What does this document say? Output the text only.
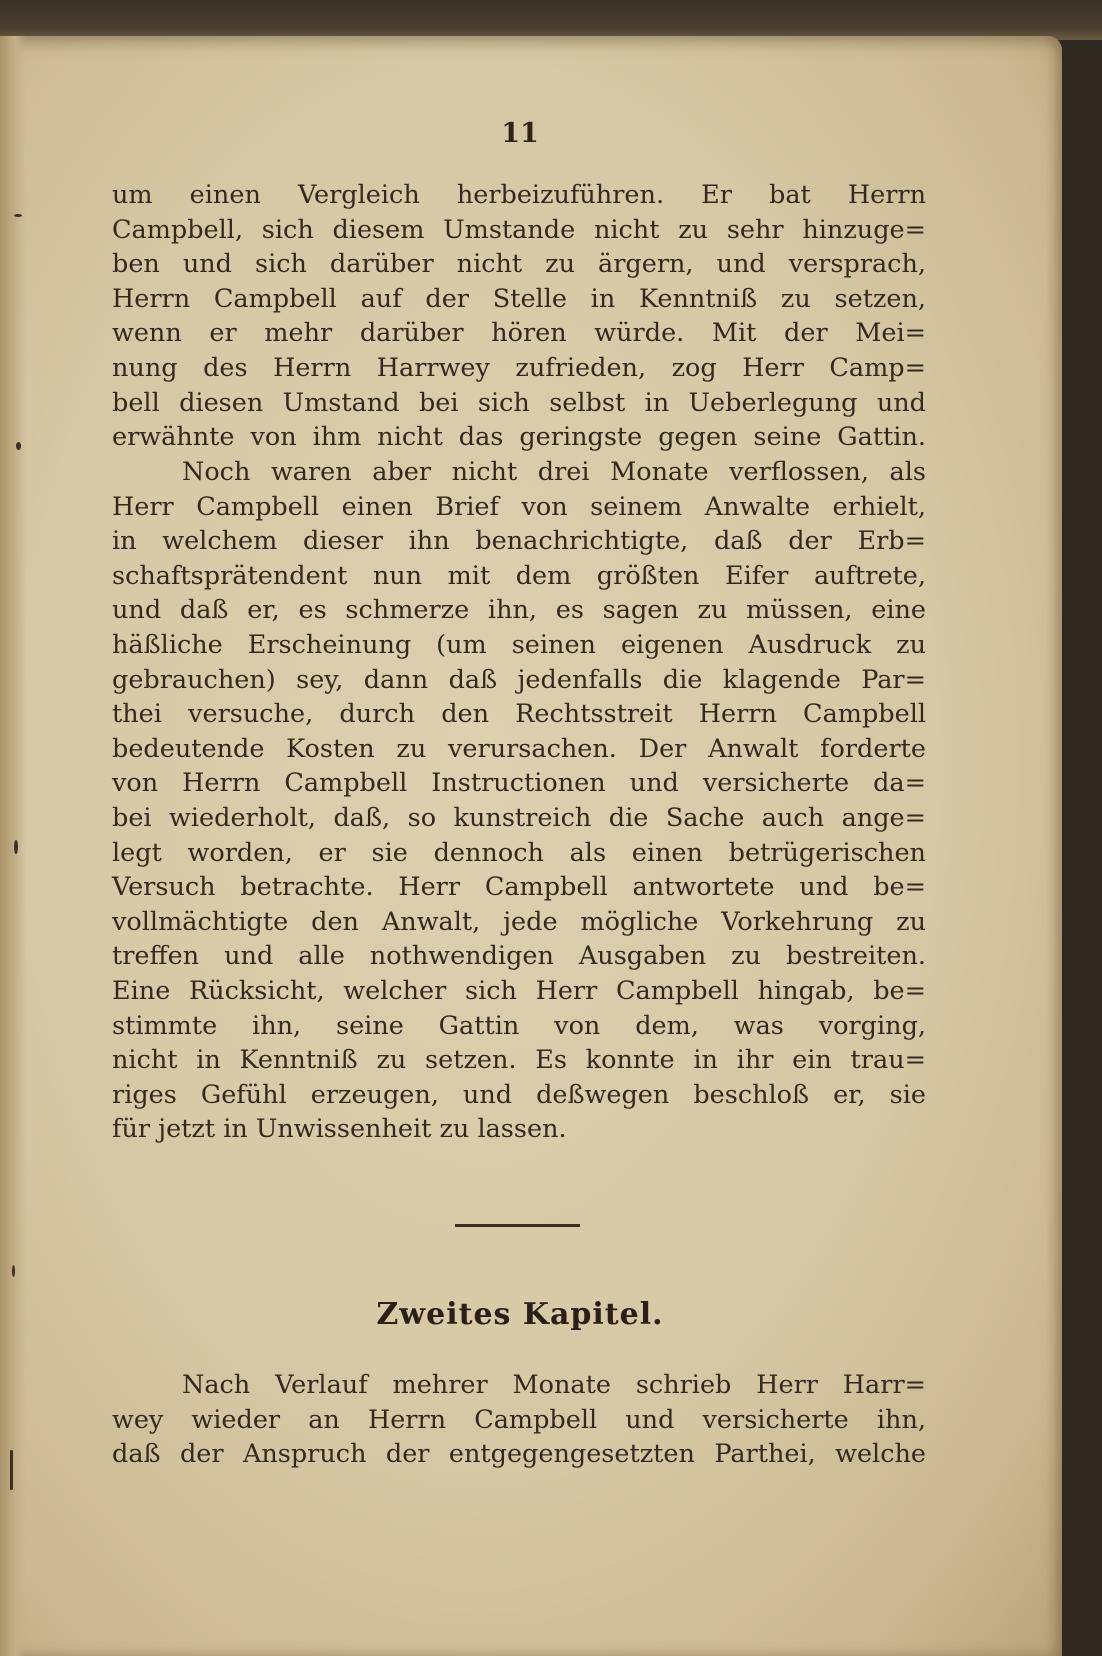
11
um einen Vergleich herbeizuführen. Er bat Herrn
Campbell, sich diesem Umstande nicht zu sehr hinzuge=
ben und sich darüber nicht zu ärgern, und versprach,
Herrn Campbell auf der Stelle in Kenntniß zu setzen,
wenn er mehr darüber hören würde. Mit der Mei=
nung des Herrn Harrwey zufrieden, zog Herr Camp=
bell diesen Umstand bei sich selbst in Ueberlegung und
erwähnte von ihm nicht das geringste gegen seine Gattin.
Noch waren aber nicht drei Monate verflossen, als
Herr Campbell einen Brief von seinem Anwalte erhielt,
in welchem dieser ihn benachrichtigte, daß der Erb=
schaftsprätendent nun mit dem größten Eifer auftrete,
und daß er, es schmerze ihn, es sagen zu müssen, eine
häßliche Erscheinung (um seinen eigenen Ausdruck zu
gebrauchen) sey, dann daß jedenfalls die klagende Par=
thei versuche, durch den Rechtsstreit Herrn Campbell
bedeutende Kosten zu verursachen. Der Anwalt forderte
von Herrn Campbell Instructionen und versicherte da=
bei wiederholt, daß, so kunstreich die Sache auch ange=
legt worden, er sie dennoch als einen betrügerischen
Versuch betrachte. Herr Campbell antwortete und be=
vollmächtigte den Anwalt, jede mögliche Vorkehrung zu
treffen und alle nothwendigen Ausgaben zu bestreiten.
Eine Rücksicht, welcher sich Herr Campbell hingab, be=
stimmte ihn, seine Gattin von dem, was vorging,
nicht in Kenntniß zu setzen. Es konnte in ihr ein trau=
riges Gefühl erzeugen, und deßwegen beschloß er, sie
für jetzt in Unwissenheit zu lassen.
Zweites Kapitel.
Nach Verlauf mehrer Monate schrieb Herr Harr=
wey wieder an Herrn Campbell und versicherte ihn,
daß der Anspruch der entgegengesetzten Parthei, welche
